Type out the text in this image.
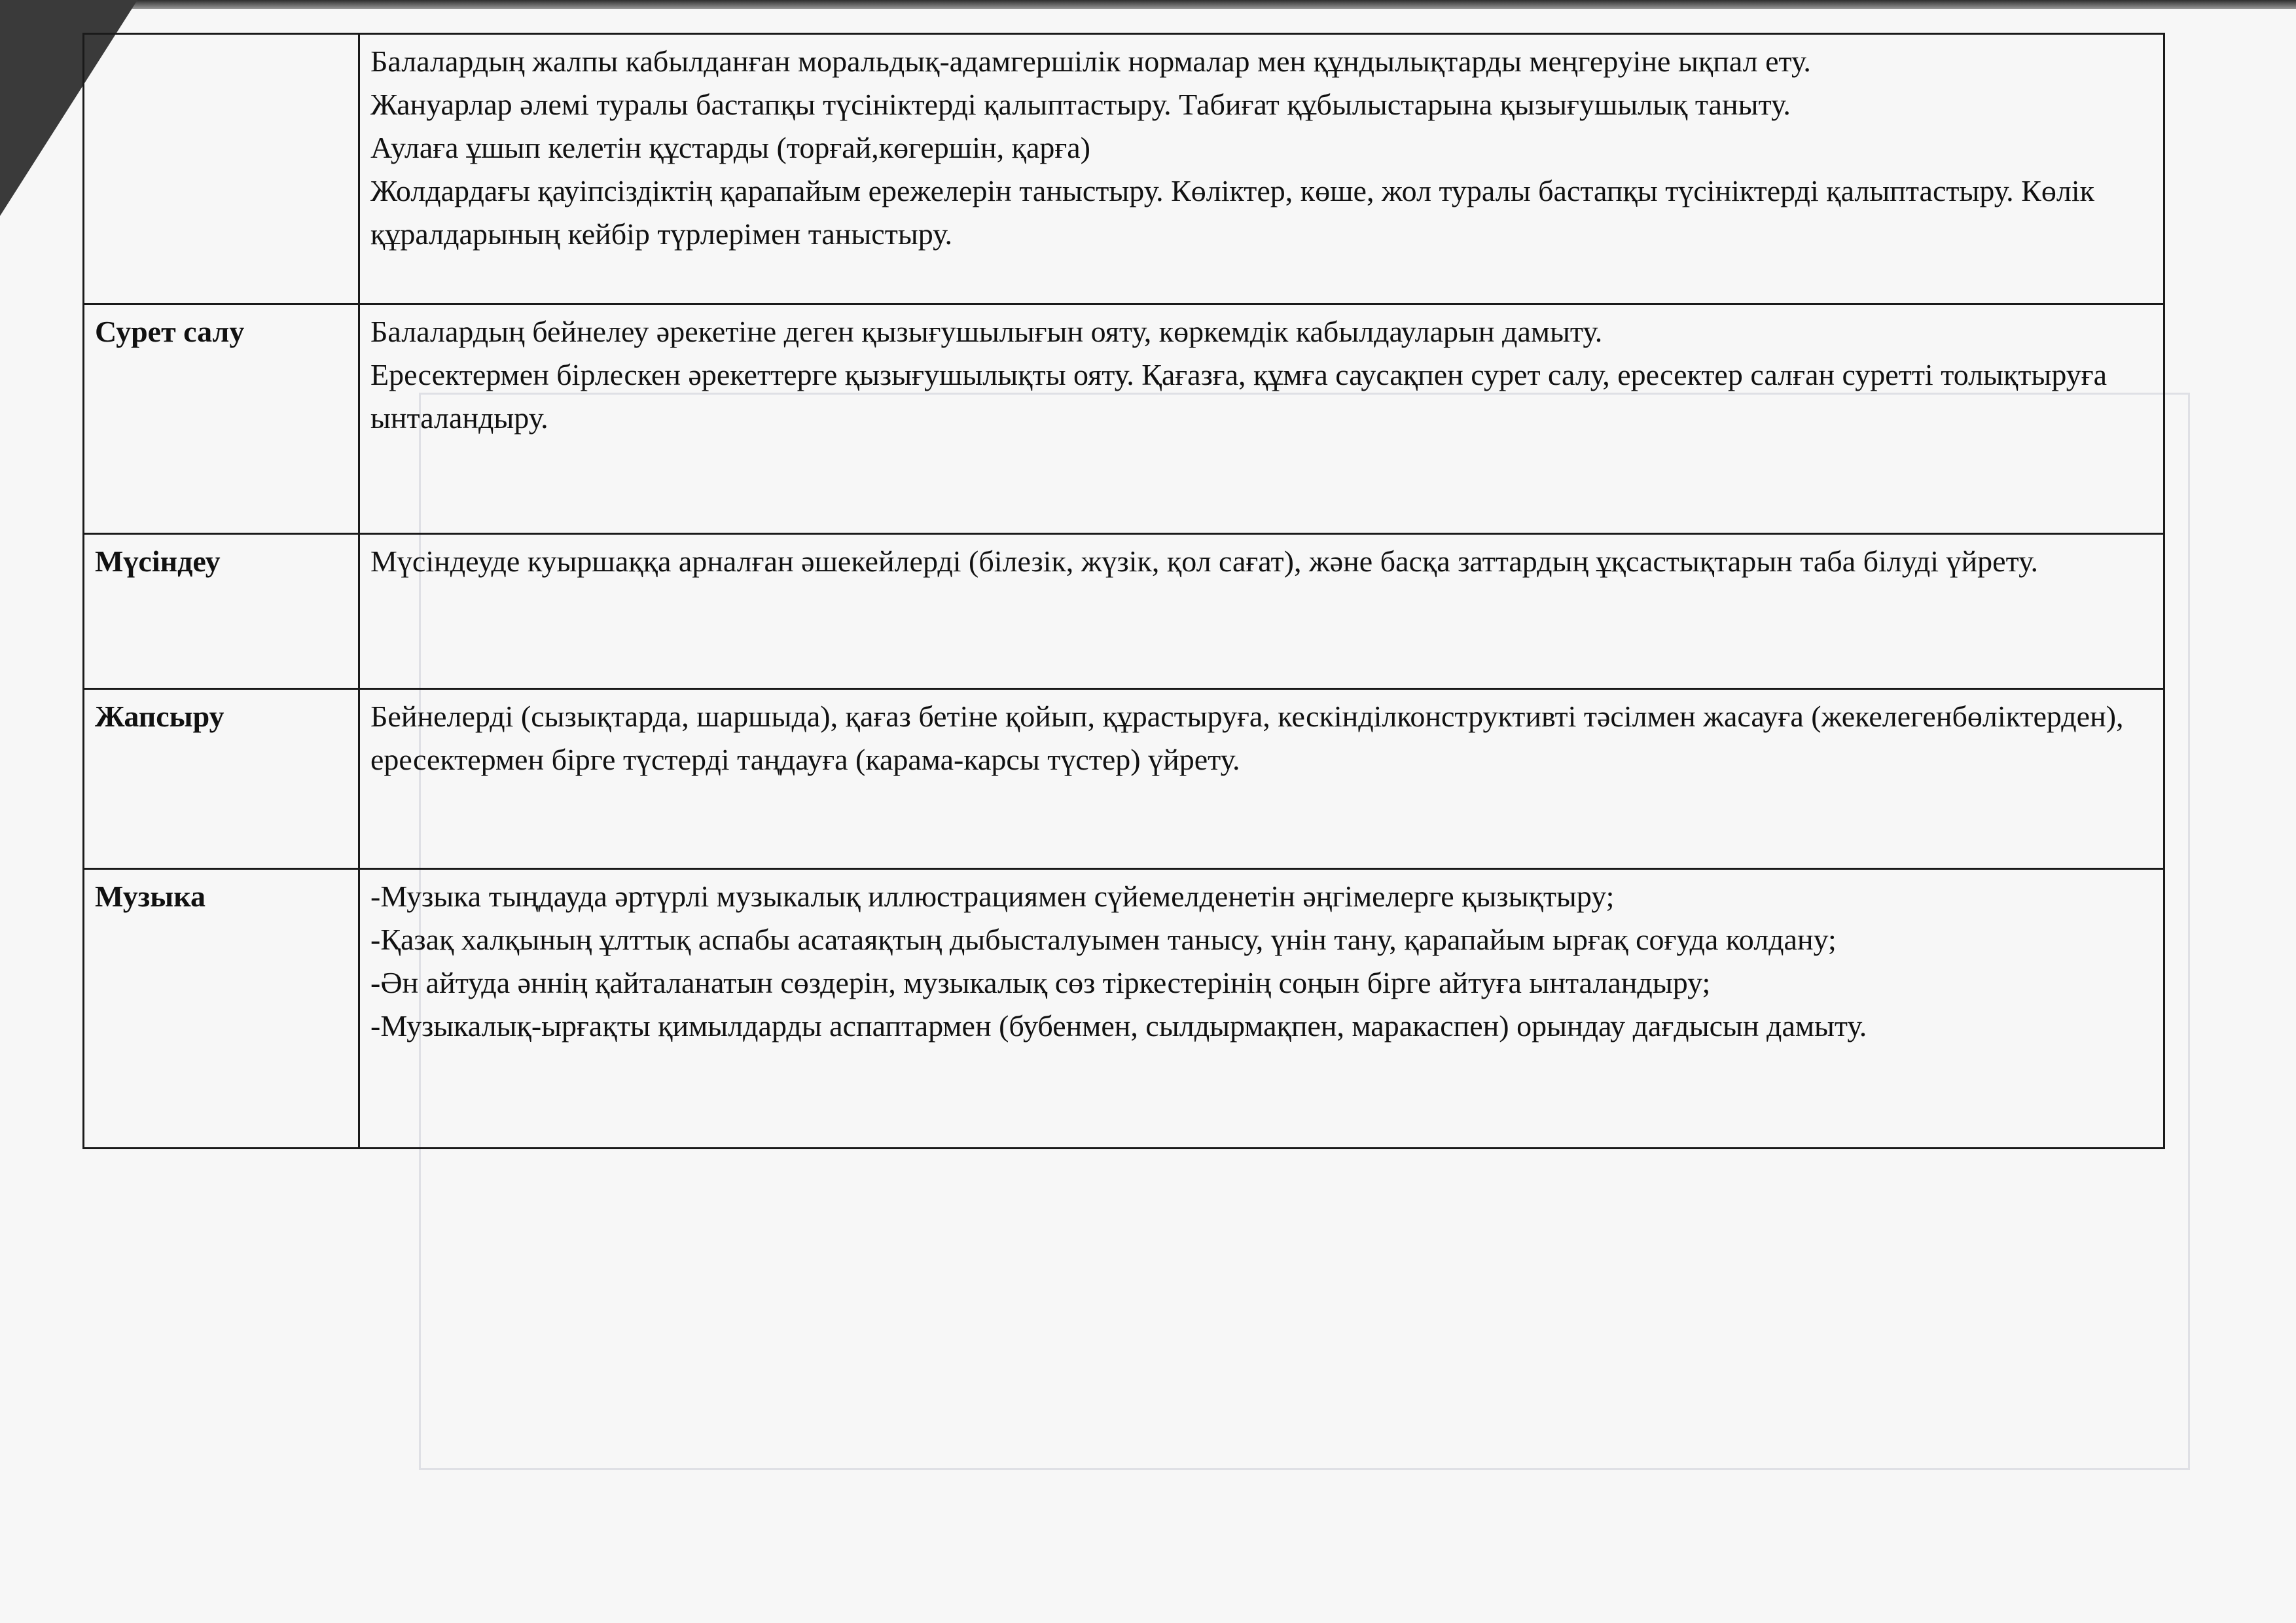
	Балалардың жалпы кабылданған моральдық-адамгершілік нормалар мен құндылықтарды меңгеруіне ықпал ету.
Жануарлар әлемі туралы бастапқы түсініктерді қалыптастыру. Табиғат құбылыстарына қызығушылық таныту.
Аулаға ұшып келетін құстарды (торғай,көгершін, қарға)
Жолдардағы қауіпсіздіктің қарапайым ережелерін таныстыру. Көліктер, көше, жол туралы бастапқы түсініктерді қалыптастыру. Көлік құралдарының кейбір түрлерімен таныстыру.

Сурет салу	Балалардың бейнелеу әрекетіне деген қызығушылығын ояту, көркемдік кабылдауларын дамыту.
Ересектермен бірлескен әрекеттерге қызығушылықты ояту. Қағазға, құмға саусақпен сурет салу, ересектер салған суретті толықтыруға ынталандыру.

Мүсіндеу	Мүсіндеуде куыршаққа арналған әшекейлерді (білезік, жүзік, қол сағат), және басқа заттардың ұқсастықтарын таба білуді үйрету.

Жапсыру	Бейнелерді (сызықтарда, шаршыда), қағаз бетіне қойып, құрастыруға, кескінділконструктивті тәсілмен жасауға (жекелегенбөліктерден), ересектермен бірге түстерді таңдауға (карама-карсы түстер) үйрету.

Музыка	-Музыка тыңдауда әртүрлі музыкалық иллюстрациямен сүйемелденетін әңгімелерге қызықтыру;
-Қазақ халқының ұлттық аспабы асатаяқтың дыбысталуымен танысу, үнін тану, қарапайым ырғақ соғуда колдану;
-Ән айтуда әннің қайталанатын сөздерін, музыкалық сөз тіркестерінің соңын бірге айтуға ынталандыру;
-Музыкалық-ырғақты қимылдарды аспаптармен (бубенмен, сылдырмақпен, маракаспен) орындау дағдысын дамыту.
